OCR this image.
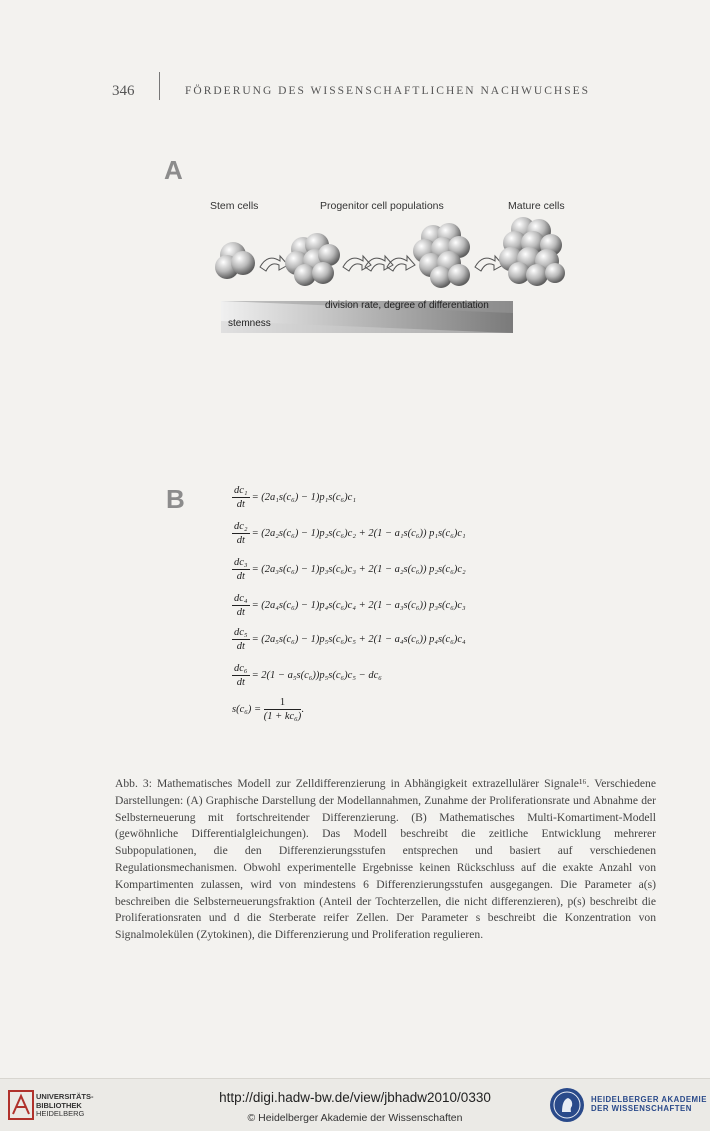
346	FÖRDERUNG DES WISSENSCHAFTLICHEN NACHWUCHSES
A
Stem cells	Progenitor cell populations	Mature cells
division rate, degree of differentiation
stemness
B	$\frac{\text{dc₁}}{dt} = (2a_1s(c_6) - 1)p_1s(c_6)c_1$
$\frac{\text{dc₂}}{dt} = (2a_2s(c_6) - 1)p_2s(c_6)c_2 + 2(1 - a_1s(c_6))$ p₁s(c₆)c₁
$\frac{\text{dc₃}}{dt} = (2a_3s(c_6) - 1)p_3s(c_6)c_3 + 2(1 - a_2s(c_6))$ p₂s(c₆)c₂
$\frac{\text{dc₄}}{dt} = (2a_4s(c_6) - 1)p_4s(c_6)c_4 + 2(1 - a_3s(c_6))$ p₃s(c₆)c₃
$\frac{\text{dc₅}}{dt} = (2a_5s(c_6) - 1)p_5s(c_6)c_5 + 2(1 - a_4s(c_6))$ p₄s(c₆)c₄
$\frac{\text{dc₆}}{dt} = 2(1 - a_5s(c_6))p_5s(c_6)c_5 - dc_6$
$s(c_6) = \frac{1}{\text{(1 + kc₆)}}$ .
Abb. 3: Mathematisches Modell zur Zelldifferenzierung in Abhängigkeit extrazellulärer Signale¹⁶. Verschiedene Darstellungen: (A) Graphische Darstellung der Modellannahmen, Zunahme der Proliferationsrate und Abnahme der Selbsterneuerung mit fortschreitender Differenzierung. (B) Mathematisches Multi-Komartiment-Modell (gewöhnliche Differentialgleichungen). Das Modell beschreibt die zeitliche Entwicklung mehrerer Subpopulationen, die den Differenzierungsstufen entsprechen und basiert auf verschiedenen Regulationsmechanismen. Obwohl experimentelle Ergebnisse keinen Rückschluss auf die exakte Anzahl von Kompartimenten zulassen, wird von mindestens 6 Differenzierungsstufen ausgegangen. Die Parameter a(s) beschreiben die Selbsterneuerungsfraktion (Anteil der Tochterzellen, die nicht differenzieren), p(s) beschreibt die Proliferationsraten und d die Sterberate reifer Zellen. Der Parameter s beschreibt die Konzentration von Signalmolekülen (Zytokinen), die Differenzierung und Proliferation regulieren.
UNIVERSITÄTS-
BIBLIOTHEK
HEIDELBERG
http://digi.hadw-bw.de/view/jbhadw2010/0330
© Heidelberger Akademie der Wissenschaften
HEIDELBERGER AKADEMIE
DER WISSENSCHAFTEN
